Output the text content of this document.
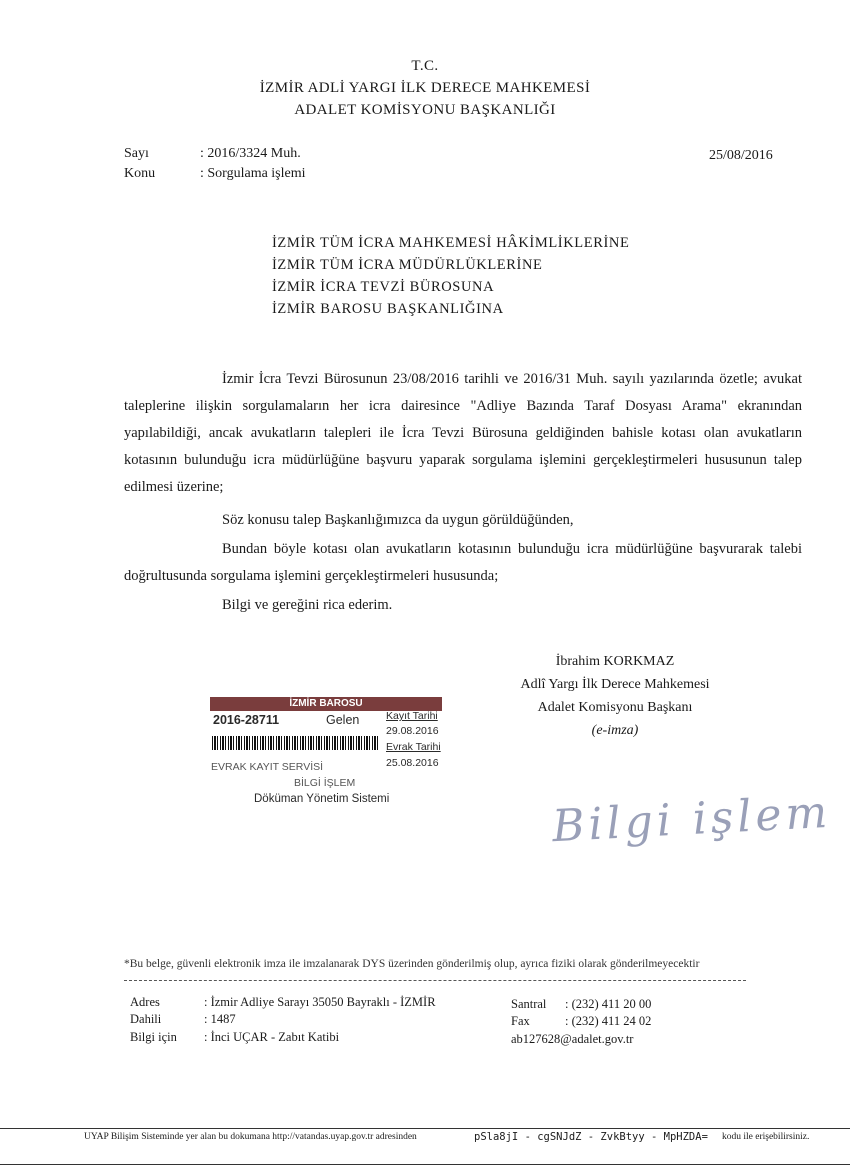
T.C.
İZMİR ADLİ YARGI İLK DERECE MAHKEMESİ
ADALET KOMİSYONU BAŞKANLIĞI
Sayı	: 2016/3324 Muh.
Konu	: Sorgulama işlemi
25/08/2016
İZMİR TÜM İCRA MAHKEMESİ HÂKİMLİKLERİNE
İZMİR TÜM İCRA MÜDÜRLÜKLERİNE
İZMİR İCRA TEVZİ BÜROSUNA
İZMİR BAROSU BAŞKANLIĞINA
İzmir İcra Tevzi Bürosunun 23/08/2016 tarihli ve 2016/31 Muh. sayılı yazılarında özetle; avukat taleplerine ilişkin sorgulamaların her icra dairesince "Adliye Bazında Taraf Dosyası Arama" ekranından yapılabildiği, ancak avukatların talepleri ile İcra Tevzi Bürosuna geldiğinden bahisle kotası olan avukatların kotasının bulunduğu icra müdürlüğüne başvuru yaparak sorgulama işlemini gerçekleştirmeleri hususunun talep edilmesi üzerine;
Söz konusu talep Başkanlığımızca da uygun görüldüğünden,
Bundan böyle kotası olan avukatların kotasının bulunduğu icra müdürlüğüne başvurarak talebi doğrultusunda sorgulama işlemini gerçekleştirmeleri hususunda;
Bilgi ve gereğini rica ederim.
İbrahim KORKMAZ
Adlî Yargı İlk Derece Mahkemesi
Adalet Komisyonu Başkanı
(e-imza)
İZMİR BAROSU
2016-28711	Gelen	Kayıt Tarihi
29.08.2016
Evrak Tarihi
25.08.2016
EVRAK KAYIT SERVİSİ
BİLGİ İŞLEM
Döküman Yönetim Sistemi	Bilgi işlem
*Bu belge, güvenli elektronik imza ile imzalanarak DYS üzerinden gönderilmiş olup, ayrıca fiziki olarak gönderilmeyecektir
Adres	: İzmir Adliye Sarayı 35050 Bayraklı - İZMİR
Dahili	: 1487
Bilgi için : İnci UÇAR - Zabıt Katibi
Santral : (232) 411 20 00
Fax	: (232) 411 24 02
ab127628@adalet.gov.tr
UYAP Bilişim Sisteminde yer alan bu dokumana http://vatandas.uyap.gov.tr adresinden	pSla8jI - cgSNJdZ - ZvkBtyy - MpHZDA= kodu ile erişebilirsiniz.
